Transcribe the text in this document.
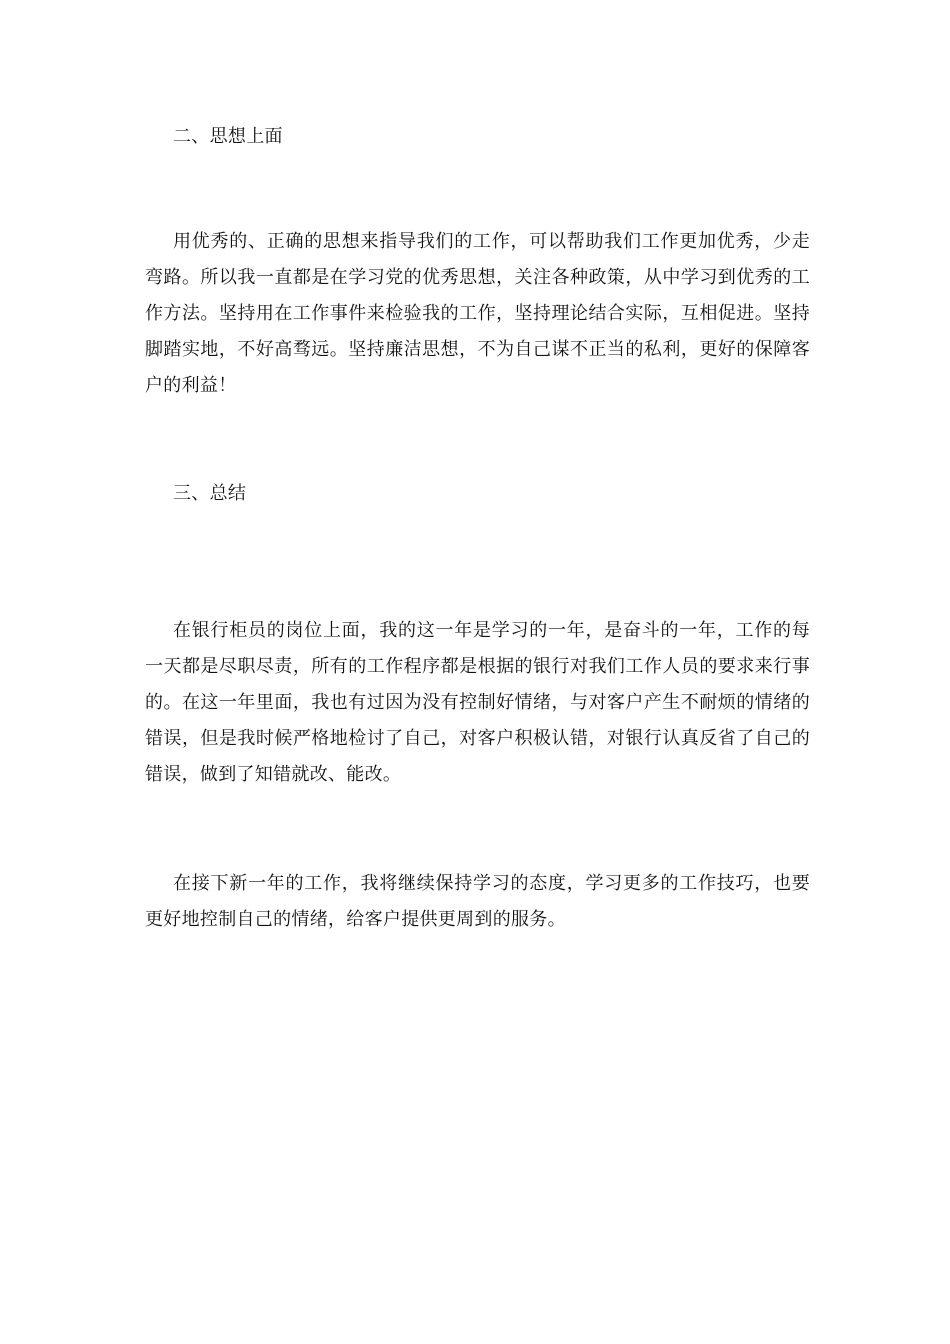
二、思想上面

用优秀的、正确的思想来指导我们的工作，可以帮助我们工作更加优秀，少走弯路。所以我一直都是在学习党的优秀思想，关注各种政策，从中学习到优秀的工作方法。坚持用在工作事件来检验我的工作，坚持理论结合实际，互相促进。坚持脚踏实地，不好高骛远。坚持廉洁思想，不为自己谋不正当的私利，更好的保障客户的利益！

三、总结

在银行柜员的岗位上面，我的这一年是学习的一年，是奋斗的一年，工作的每一天都是尽职尽责，所有的工作程序都是根据的银行对我们工作人员的要求来行事的。在这一年里面，我也有过因为没有控制好情绪，与对客户产生不耐烦的情绪的错误，但是我时候严格地检讨了自己，对客户积极认错，对银行认真反省了自己的错误，做到了知错就改、能改。

在接下新一年的工作，我将继续保持学习的态度，学习更多的工作技巧，也要更好地控制自己的情绪，给客户提供更周到的服务。
